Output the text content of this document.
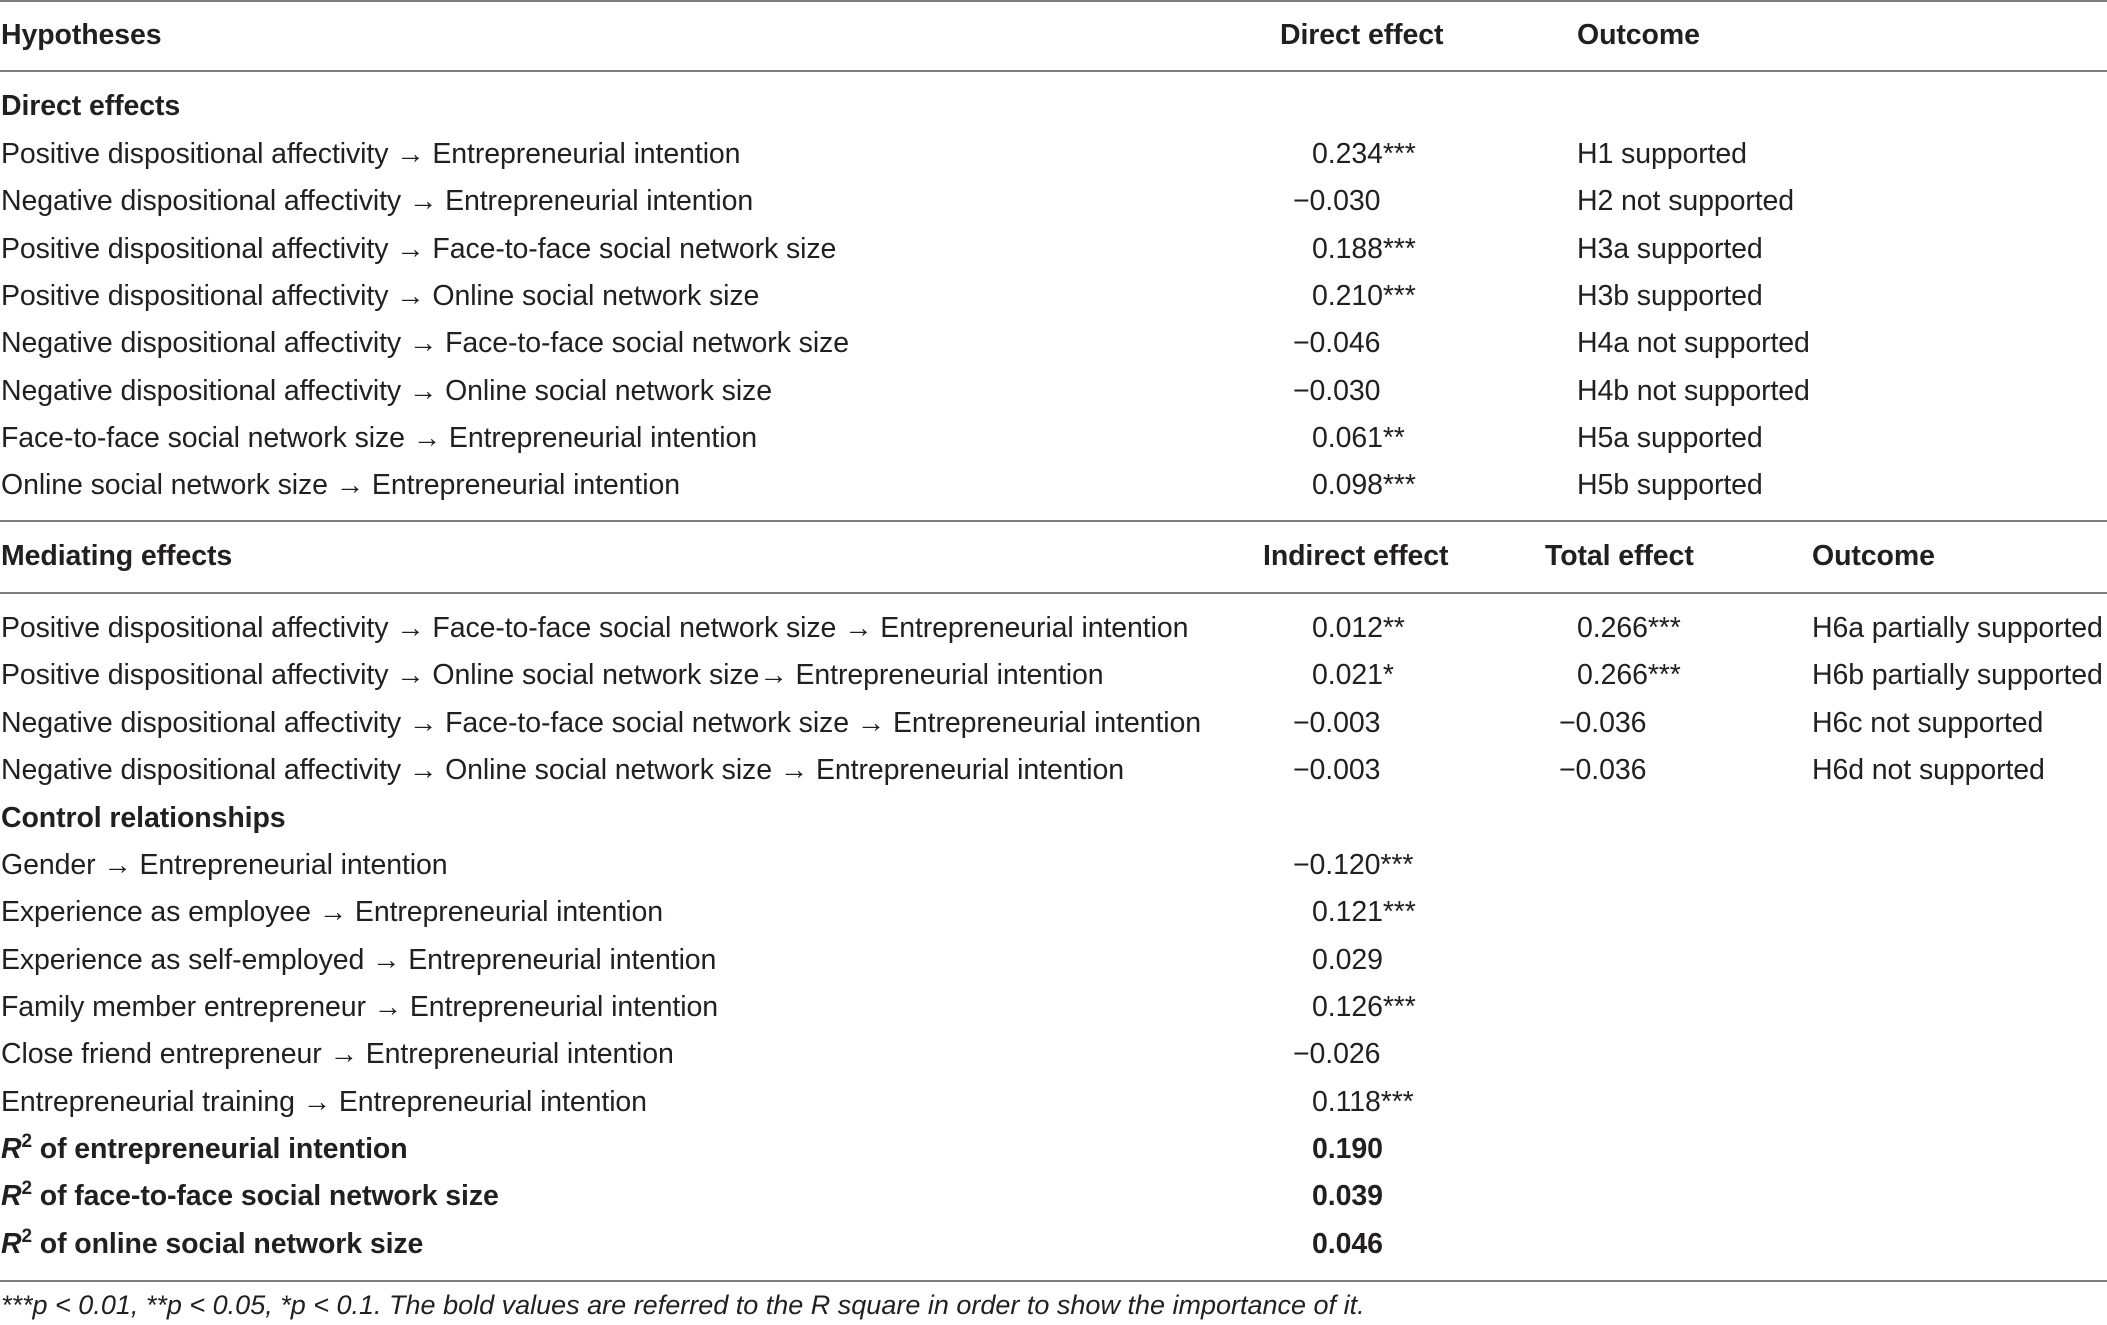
Hypotheses	Direct effect	Outcome
Direct effects
Positive dispositional affectivity → Entrepreneurial intention	0.234***	H1 supported
Negative dispositional affectivity → Entrepreneurial intention	−0.030	H2 not supported
Positive dispositional affectivity → Face-to-face social network size	0.188***	H3a supported
Positive dispositional affectivity → Online social network size	0.210***	H3b supported
Negative dispositional affectivity → Face-to-face social network size	−0.046	H4a not supported
Negative dispositional affectivity → Online social network size	−0.030	H4b not supported
Face-to-face social network size → Entrepreneurial intention	0.061**	H5a supported
Online social network size → Entrepreneurial intention	0.098***	H5b supported
Mediating effects	Indirect effect	Total effect	Outcome
Positive dispositional affectivity → Face-to-face social network size → Entrepreneurial intention	0.012**	0.266***	H6a partially supported
Positive dispositional affectivity → Online social network size→ Entrepreneurial intention	0.021*	0.266***	H6b partially supported
Negative dispositional affectivity → Face-to-face social network size → Entrepreneurial intention	−0.003	−0.036	H6c not supported
Negative dispositional affectivity → Online social network size → Entrepreneurial intention	−0.003	−0.036	H6d not supported
Control relationships
Gender → Entrepreneurial intention	−0.120***
Experience as employee → Entrepreneurial intention	0.121***
Experience as self-employed → Entrepreneurial intention	0.029
Family member entrepreneur → Entrepreneurial intention	0.126***
Close friend entrepreneur → Entrepreneurial intention	−0.026
Entrepreneurial training → Entrepreneurial intention	0.118***
$R^2$ of entrepreneurial intention	0.190
$R^2$ of face-to-face social network size	0.039
$R^2$ of online social network size	0.046
***p < 0.01, **p < 0.05, *p < 0.1. The bold values are referred to the R square in order to show the importance of it.
